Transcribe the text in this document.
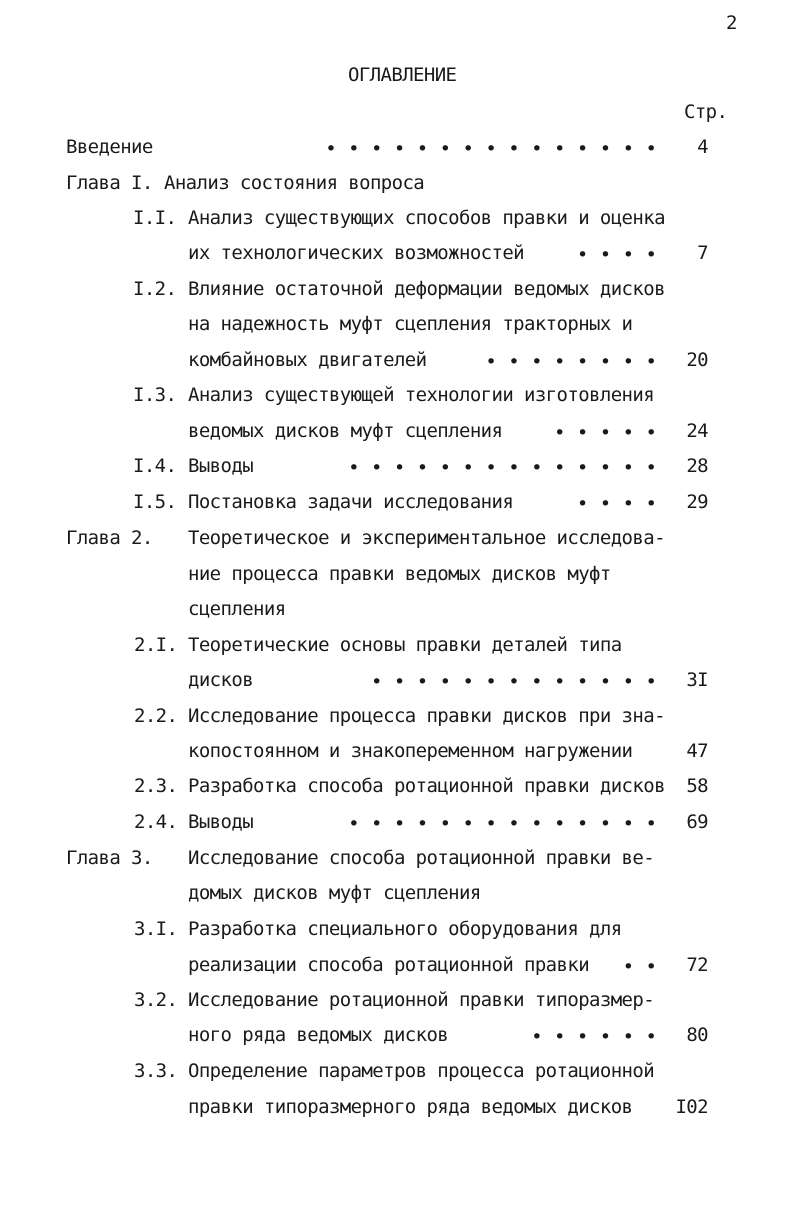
2
ОГЛАВЛЕНИЕ
Стр.
Введение	• • • • • • • • • • • • • • •	4
Глава I. Анализ состояния вопроса
I.I. Анализ существующих способов правки и оценка
их технологических возможностей	• • • •	7
I.2. Влияние остаточной деформации ведомых дисков
на надежность муфт сцепления тракторных и
комбайновых двигателей	• • • • • • • •	20
I.3. Анализ существующей технологии изготовления
ведомых дисков муфт сцепления	• • • • •	24
I.4. Выводы	• • • • • • • • • • • • • •	28
I.5. Постановка задачи исследования	• • • •	29
Глава 2. Теоретическое и экспериментальное исследова-
ние процесса правки ведомых дисков муфт
сцепления
2.I. Теоретические основы правки деталей типа
дисков	• • • • • • • • • • • • •	3I
2.2. Исследование процесса правки дисков при зна-
копостоянном и знакопеременном нагружении	47
2.3. Разработка способа ротационной правки дисков	58
2.4. Выводы	• • • • • • • • • • • • • •	69
Глава 3. Исследование способа ротационной правки ве-
домых дисков муфт сцепления
3.I. Разработка специального оборудования для
реализации способа ротационной правки • •	72
3.2. Исследование ротационной правки типоразмер-
ного ряда ведомых дисков	• • • • • •	80
3.3. Определение параметров процесса ротационной
правки типоразмерного ряда ведомых дисков	I02
